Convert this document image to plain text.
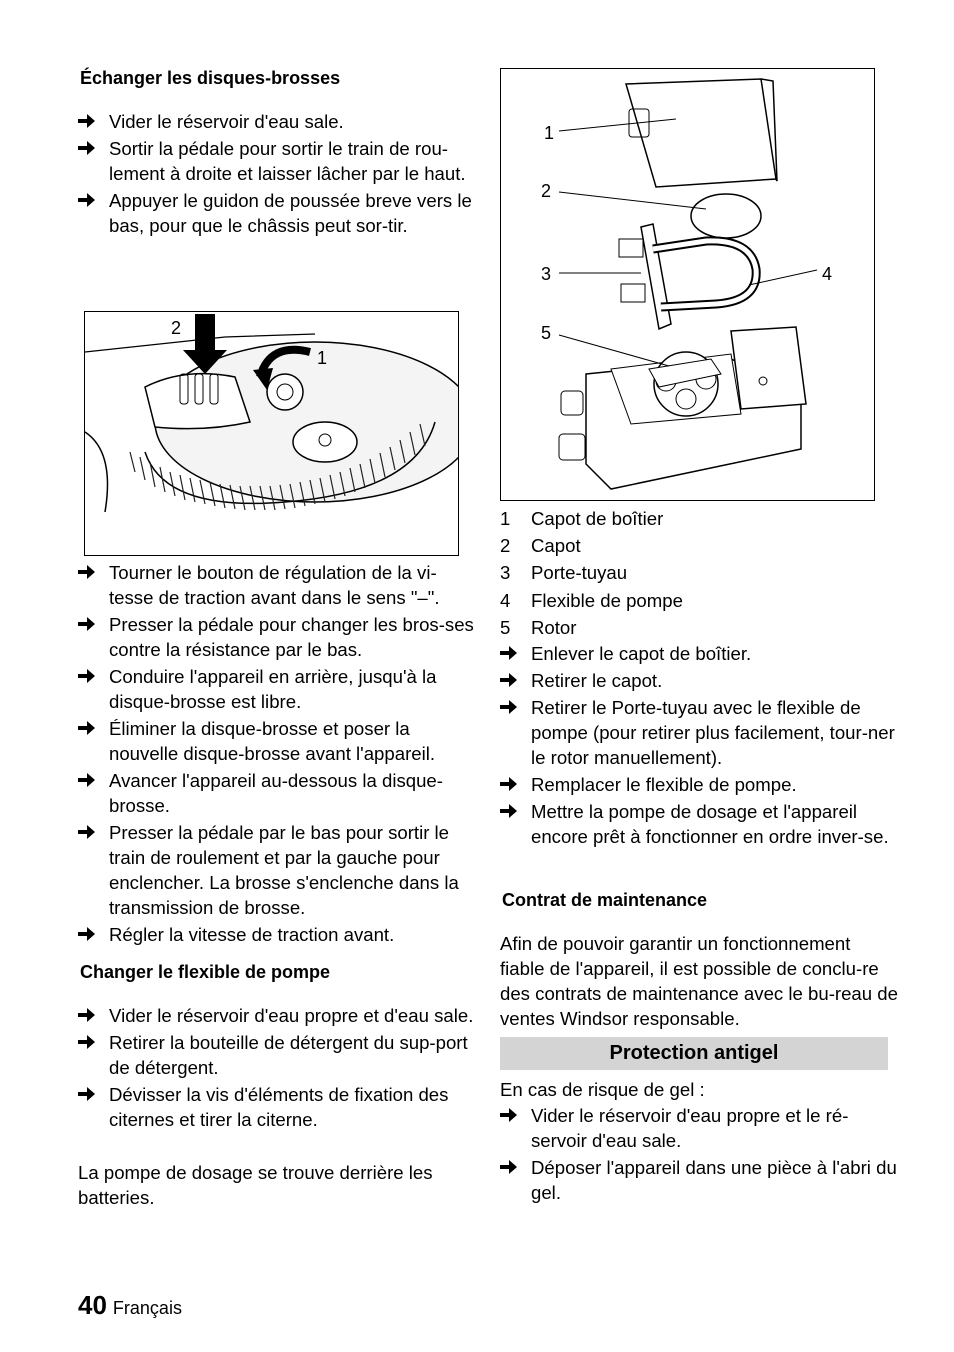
Échanger les disques-brosses
Vider le réservoir d'eau sale.
Sortir la pédale pour sortir le train de rou-lement à droite et laisser lâcher par le haut.
Appuyer le guidon de poussée breve vers le bas, pour que le châssis peut sor-tir.
2
1
Tourner le bouton de régulation de la vi-tesse de traction avant dans le sens "–".
Presser la pédale pour changer les bros-ses contre la résistance par le bas.
Conduire l'appareil en arrière, jusqu'à la disque-brosse est libre.
Éliminer la disque-brosse et poser la nouvelle disque-brosse avant l'appareil.
Avancer l'appareil au-dessous la disque-brosse.
Presser la pédale par le bas pour sortir le train de roulement et par la gauche pour enclencher. La brosse s'enclenche dans la transmission de brosse.
Régler la vitesse de traction avant.
Changer le flexible de pompe
Vider le réservoir d'eau propre et d'eau sale.
Retirer la bouteille de détergent du sup-port de détergent.
Dévisser la vis d'éléments de fixation des citernes et tirer la citerne.

La pompe de dosage se trouve derrière les batteries.

1
2
3	4
5
1 Capot de boîtier
2 Capot
3 Porte-tuyau
4 Flexible de pompe
5 Rotor
Enlever le capot de boîtier.
Retirer le capot.
Retirer le Porte-tuyau avec le flexible de pompe (pour retirer plus facilement, tour-ner le rotor manuellement).
Remplacer le flexible de pompe.
Mettre la pompe de dosage et l'appareil encore prêt à fonctionner en ordre inver-se.
Contrat de maintenance

Afin de pouvoir garantir un fonctionnement fiable de l'appareil, il est possible de conclu-re des contrats de maintenance avec le bu-reau de ventes Windsor responsable.

Protection antigel

En cas de risque de gel :

Vider le réservoir d'eau propre et le ré-servoir d'eau sale.
Déposer l'appareil dans une pièce à l'abri du gel.
40 Français
